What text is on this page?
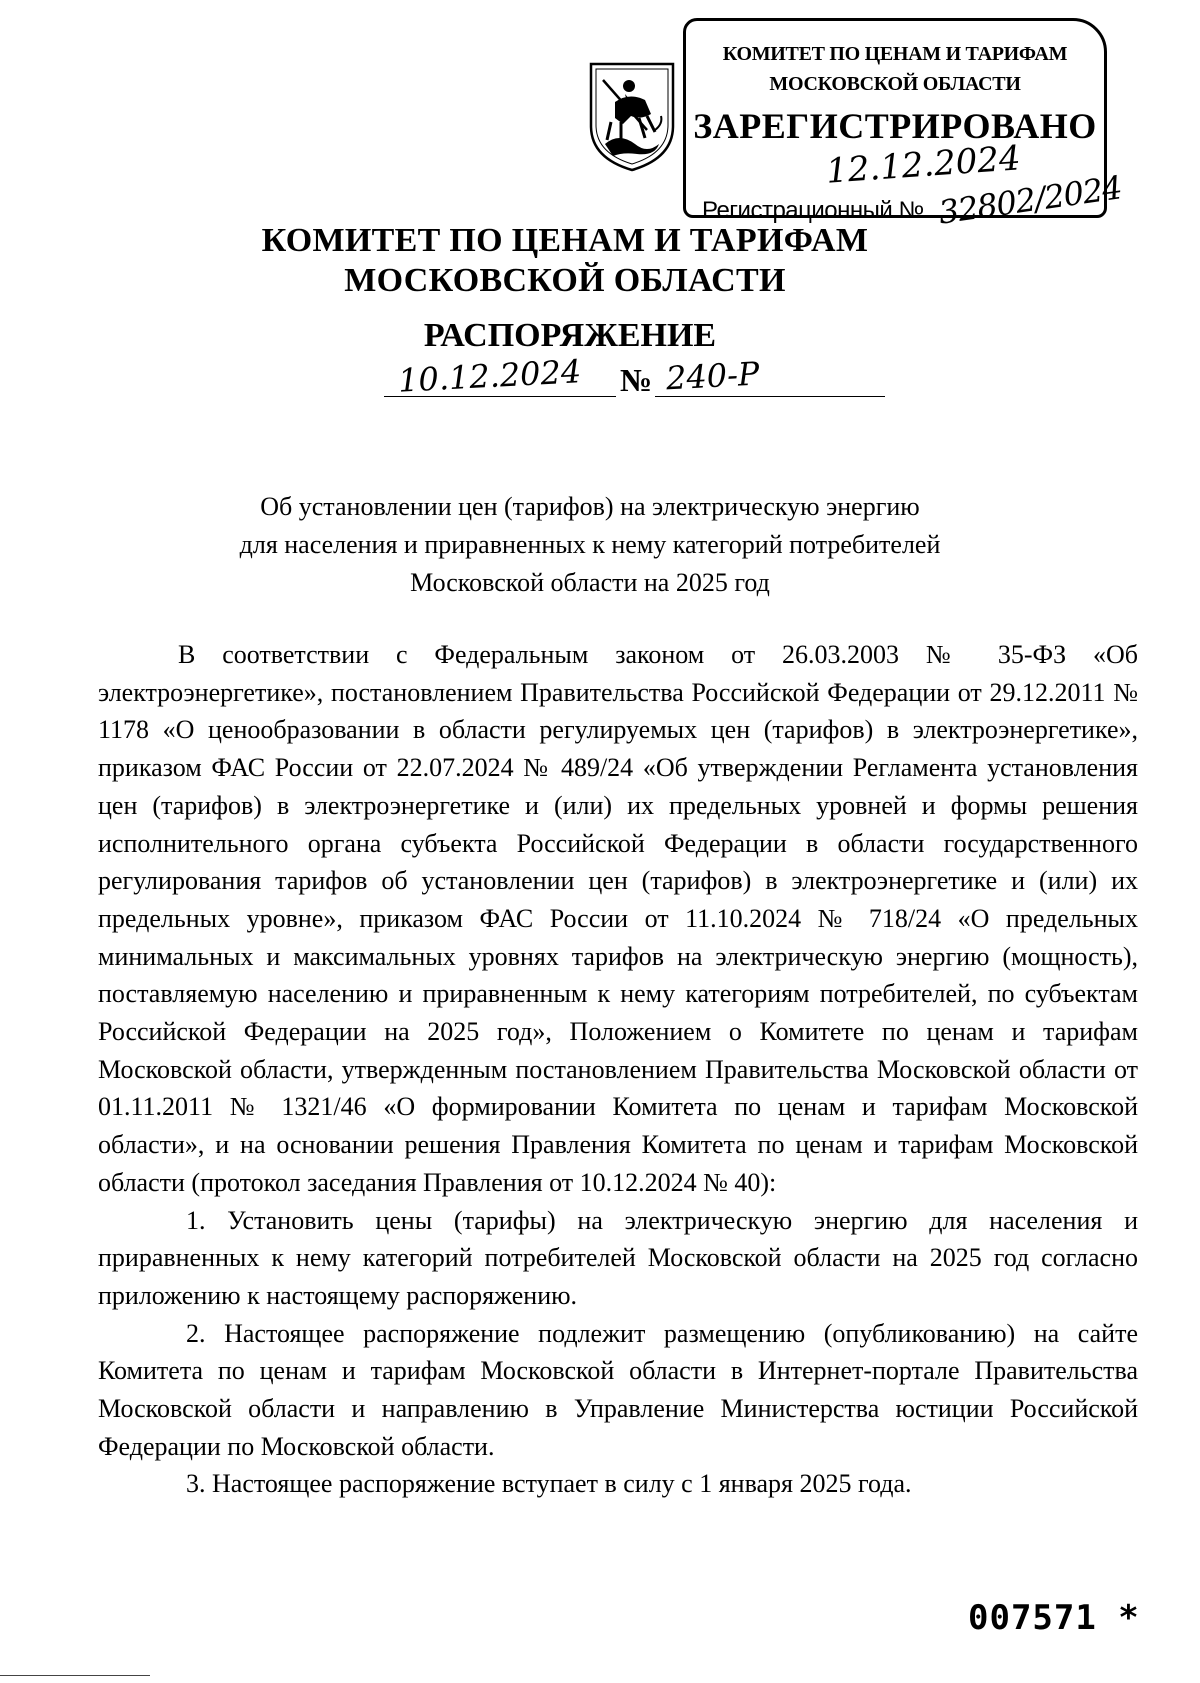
КОМИТЕТ ПО ЦЕНАМ И ТАРИФАМ
МОСКОВСКОЙ ОБЛАСТИ
ЗАРЕГИСТРИРОВАНО
12.12.2024
Регистрационный № 32802/2024
КОМИТЕТ ПО ЦЕНАМ И ТАРИФАМ
МОСКОВСКОЙ ОБЛАСТИ
РАСПОРЯЖЕНИЕ
10.12.2024 № 240-Р
Об установлении цен (тарифов) на электрическую энергию
для населения и приравненных к нему категорий потребителей
Московской области на 2025 год

В соответствии с Федеральным законом от 26.03.2003 № 35-ФЗ «Об электроэнергетике», постановлением Правительства Российской Федерации от 29.12.2011 № 1178 «О ценообразовании в области регулируемых цен (тарифов) в электроэнергетике», приказом ФАС России от 22.07.2024 № 489/24 «Об утверждении Регламента установления цен (тарифов) в электроэнергетике и (или) их предельных уровней и формы решения исполнительного органа субъекта Российской Федерации в области государственного регулирования тарифов об установлении цен (тарифов) в электроэнергетике и (или) их предельных уровне», приказом ФАС России от 11.10.2024 № 718/24 «О предельных минимальных и максимальных уровнях тарифов на электрическую энергию (мощность), поставляемую населению и приравненным к нему категориям потребителей, по субъектам Российской Федерации на 2025 год», Положением о Комитете по ценам и тарифам Московской области, утвержденным постановлением Правительства Московской области от 01.11.2011 № 1321/46 «О формировании Комитета по ценам и тарифам Московской области», и на основании решения Правления Комитета по ценам и тарифам Московской области (протокол заседания Правления от 10.12.2024 № 40):

1. Установить цены (тарифы) на электрическую энергию для населения и приравненных к нему категорий потребителей Московской области на 2025 год согласно приложению к настоящему распоряжению.

2. Настоящее распоряжение подлежит размещению (опубликованию) на сайте Комитета по ценам и тарифам Московской области в Интернет-портале Правительства Московской области и направлению в Управление Министерства юстиции Российской Федерации по Московской области.

3. Настоящее распоряжение вступает в силу с 1 января 2025 года.

007571 *
